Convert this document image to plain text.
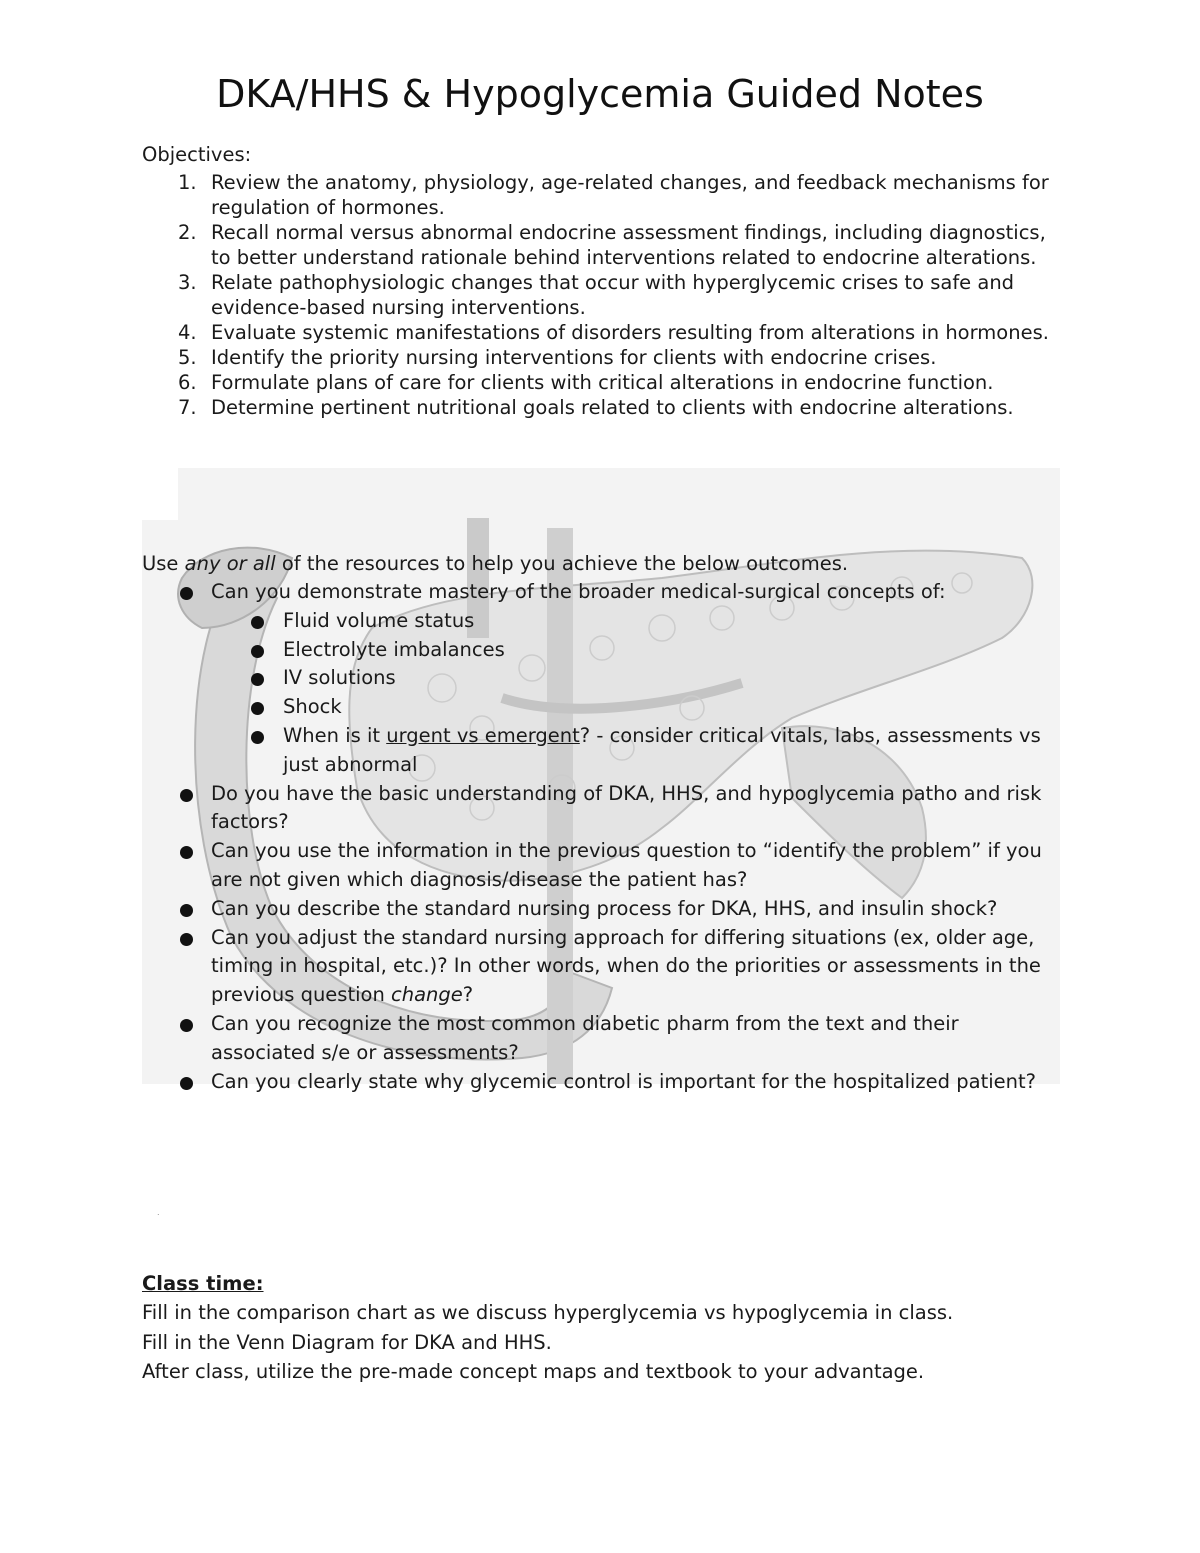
DKA/HHS & Hypoglycemia Guided Notes
Objectives:
1. Review the anatomy, physiology, age-related changes, and feedback mechanisms for regulation of hormones.
2. Recall normal versus abnormal endocrine assessment findings, including diagnostics, to better understand rationale behind interventions related to endocrine alterations.
3. Relate pathophysiologic changes that occur with hyperglycemic crises to safe and evidence-based nursing interventions.
4. Evaluate systemic manifestations of disorders resulting from alterations in hormones.
5. Identify the priority nursing interventions for clients with endocrine crises.
6. Formulate plans of care for clients with critical alterations in endocrine function.
7. Determine pertinent nutritional goals related to clients with endocrine alterations.
Use any or all of the resources to help you achieve the below outcomes.
Can you demonstrate mastery of the broader medical-surgical concepts of:
Fluid volume status
Electrolyte imbalances
IV solutions
Shock
When is it urgent vs emergent? - consider critical vitals, labs, assessments vs just abnormal
Do you have the basic understanding of DKA, HHS, and hypoglycemia patho and risk factors?
Can you use the information in the previous question to “identify the problem” if you are not given which diagnosis/disease the patient has?
Can you describe the standard nursing process for DKA, HHS, and insulin shock?
Can you adjust the standard nursing approach for differing situations (ex, older age, timing in hospital, etc.)? In other words, when do the priorities or assessments in the previous question change?
Can you recognize the most common diabetic pharm from the text and their associated s/e or assessments?
Can you clearly state why glycemic control is important for the hospitalized patient?
.
Class time:
Fill in the comparison chart as we discuss hyperglycemia vs hypoglycemia in class.
Fill in the Venn Diagram for DKA and HHS.
After class, utilize the pre-made concept maps and textbook to your advantage.
